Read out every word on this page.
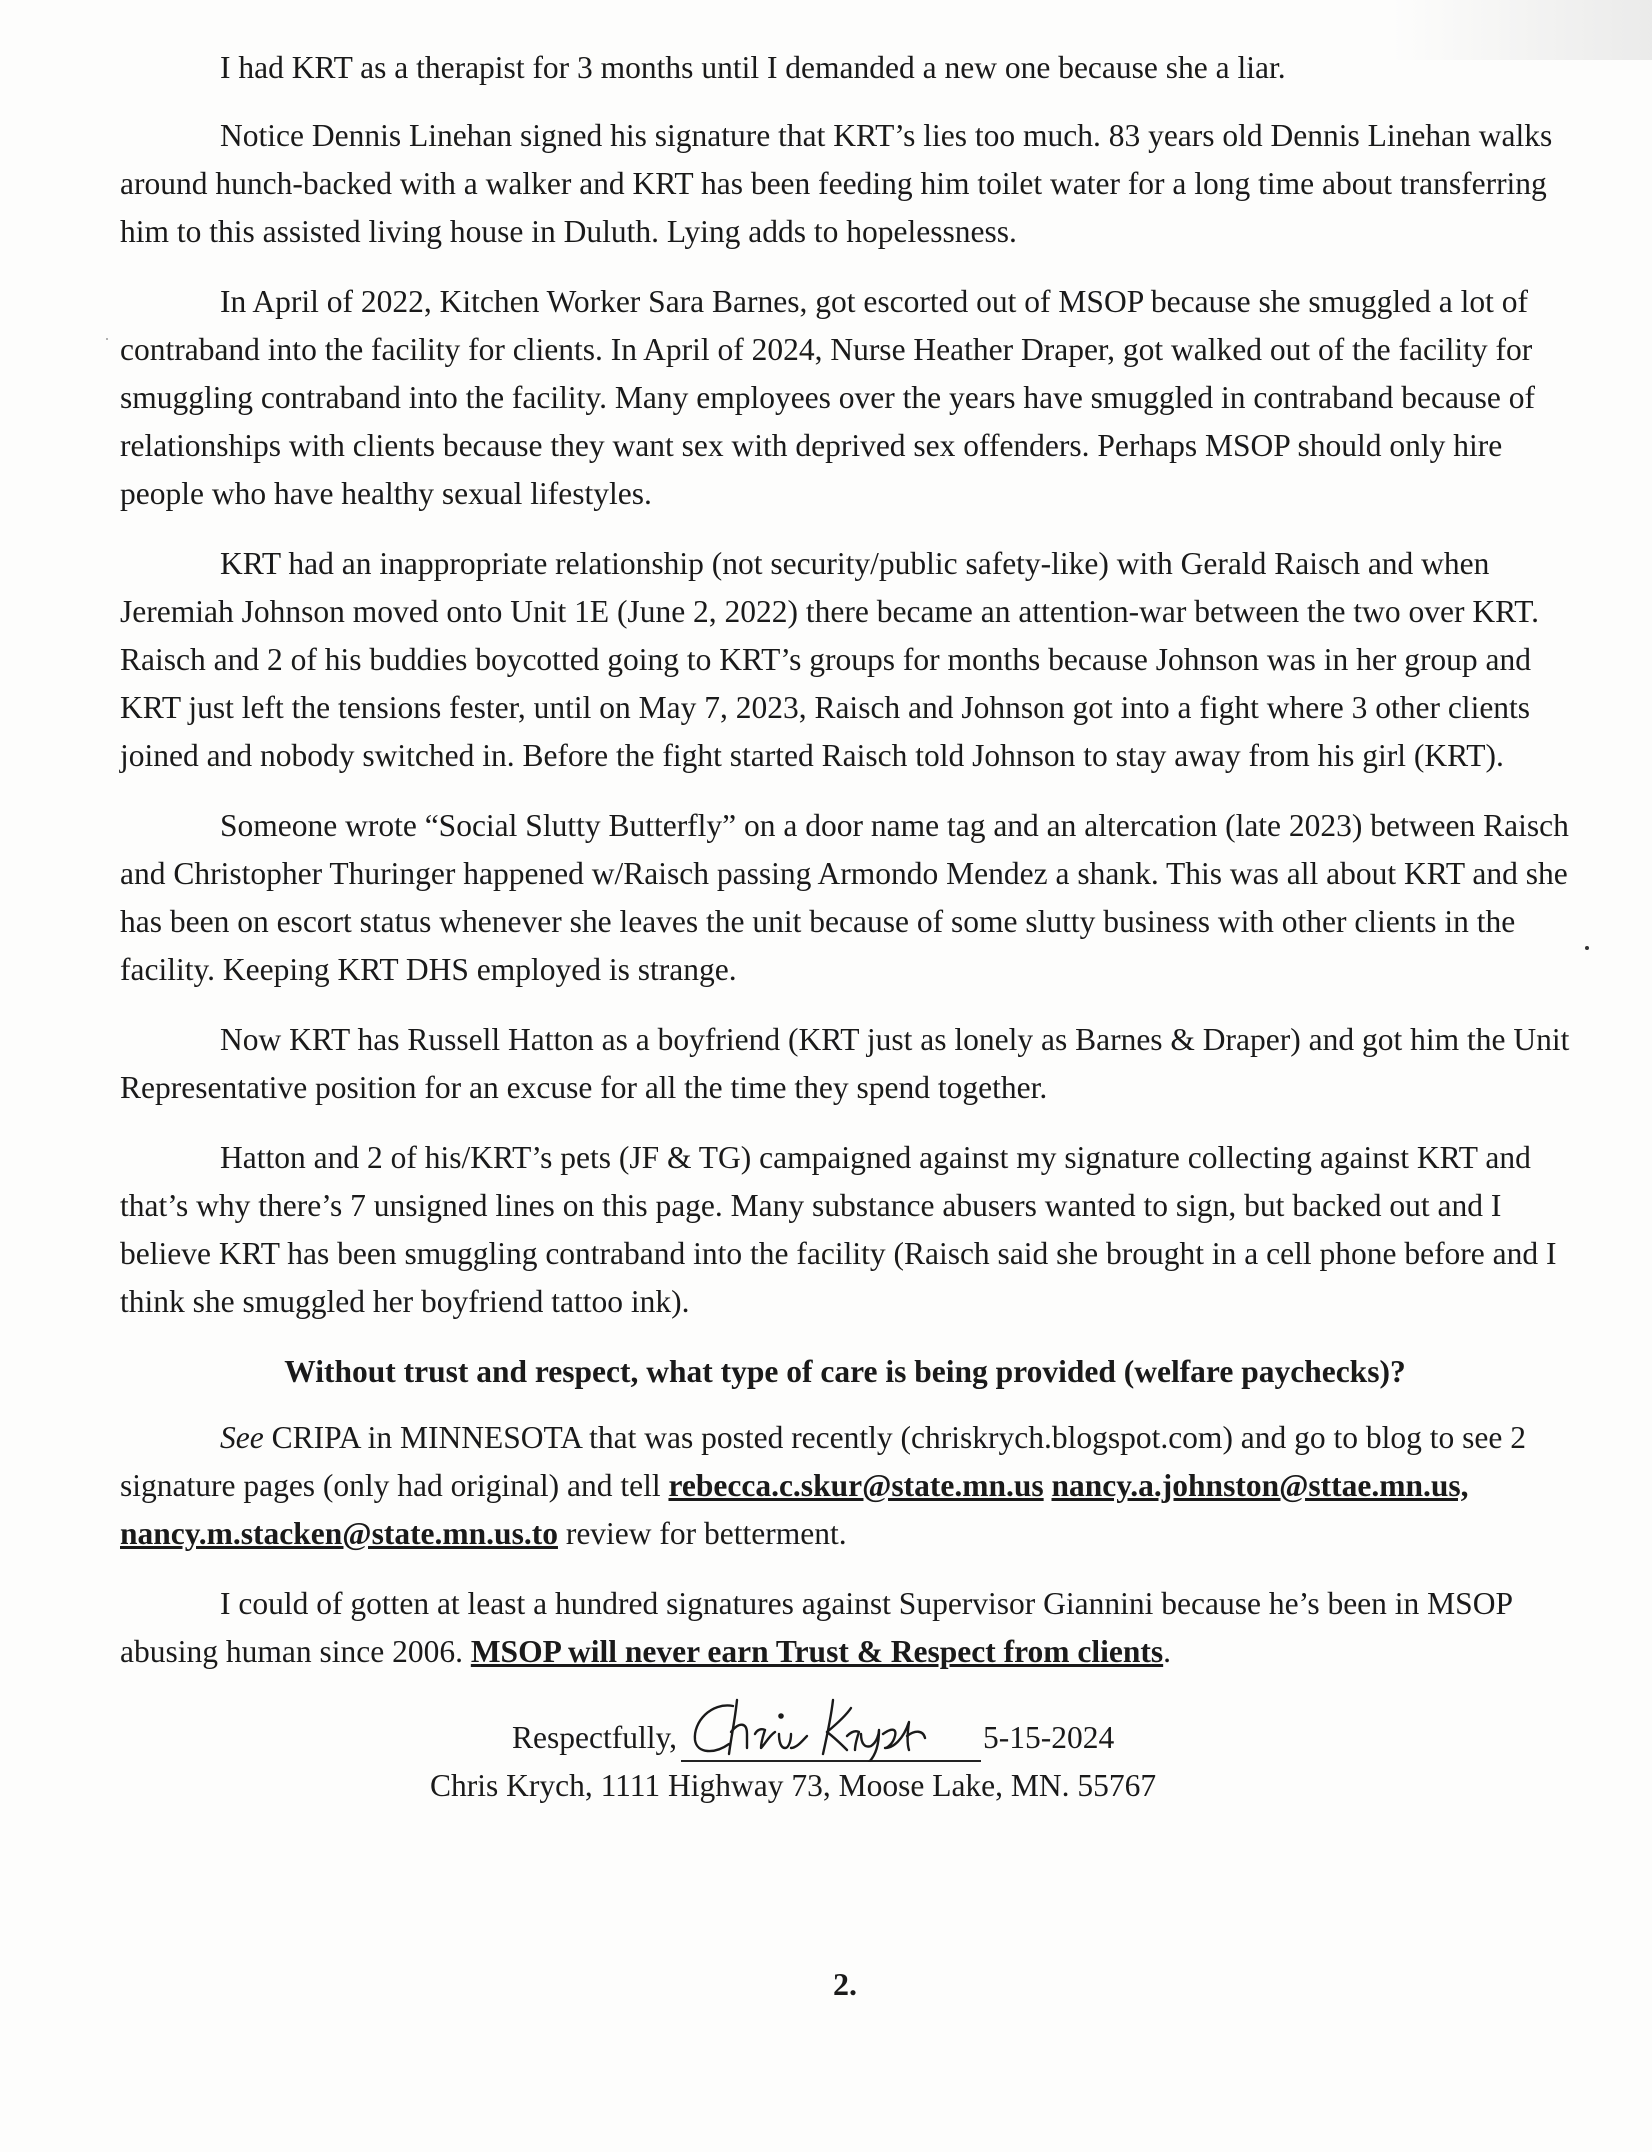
I had KRT as a therapist for 3 months until I demanded a new one because she a liar.

Notice Dennis Linehan signed his signature that KRT’s lies too much. 83 years old Dennis Linehan walks around hunch-backed with a walker and KRT has been feeding him toilet water for a long time about transferring him to this assisted living house in Duluth. Lying adds to hopelessness.

In April of 2022, Kitchen Worker Sara Barnes, got escorted out of MSOP because she smuggled a lot of contraband into the facility for clients. In April of 2024, Nurse Heather Draper, got walked out of the facility for smuggling contraband into the facility. Many employees over the years have smuggled in contraband because of relationships with clients because they want sex with deprived sex offenders. Perhaps MSOP should only hire people who have healthy sexual lifestyles.

KRT had an inappropriate relationship (not security/public safety-like) with Gerald Raisch and when Jeremiah Johnson moved onto Unit 1E (June 2, 2022) there became an attention-war between the two over KRT. Raisch and 2 of his buddies boycotted going to KRT’s groups for months because Johnson was in her group and KRT just left the tensions fester, until on May 7, 2023, Raisch and Johnson got into a fight where 3 other clients joined and nobody switched in. Before the fight started Raisch told Johnson to stay away from his girl (KRT).

Someone wrote “Social Slutty Butterfly” on a door name tag and an altercation (late 2023) between Raisch and Christopher Thuringer happened w/Raisch passing Armondo Mendez a shank. This was all about KRT and she has been on escort status whenever she leaves the unit because of some slutty business with other clients in the facility. Keeping KRT DHS employed is strange.

Now KRT has Russell Hatton as a boyfriend (KRT just as lonely as Barnes & Draper) and got him the Unit Representative position for an excuse for all the time they spend together.

Hatton and 2 of his/KRT’s pets (JF & TG) campaigned against my signature collecting against KRT and that’s why there’s 7 unsigned lines on this page. Many substance abusers wanted to sign, but backed out and I believe KRT has been smuggling contraband into the facility (Raisch said she brought in a cell phone before and I think she smuggled her boyfriend tattoo ink).

Without trust and respect, what type of care is being provided (welfare paychecks)?

See CRIPA in MINNESOTA that was posted recently (chriskrych.blogspot.com) and go to blog to see 2 signature pages (only had original) and tell rebecca.c.skur@state.mn.us nancy.a.johnston@sttae.mn.us, nancy.m.stacken@state.mn.us.to review for betterment.

I could of gotten at least a hundred signatures against Supervisor Giannini because he’s been in MSOP abusing human since 2006. MSOP will never earn Trust & Respect from clients.

Respectfully,	5-15-2024
Chris Krych, 1111 Highway 73, Moose Lake, MN. 55767
2.
